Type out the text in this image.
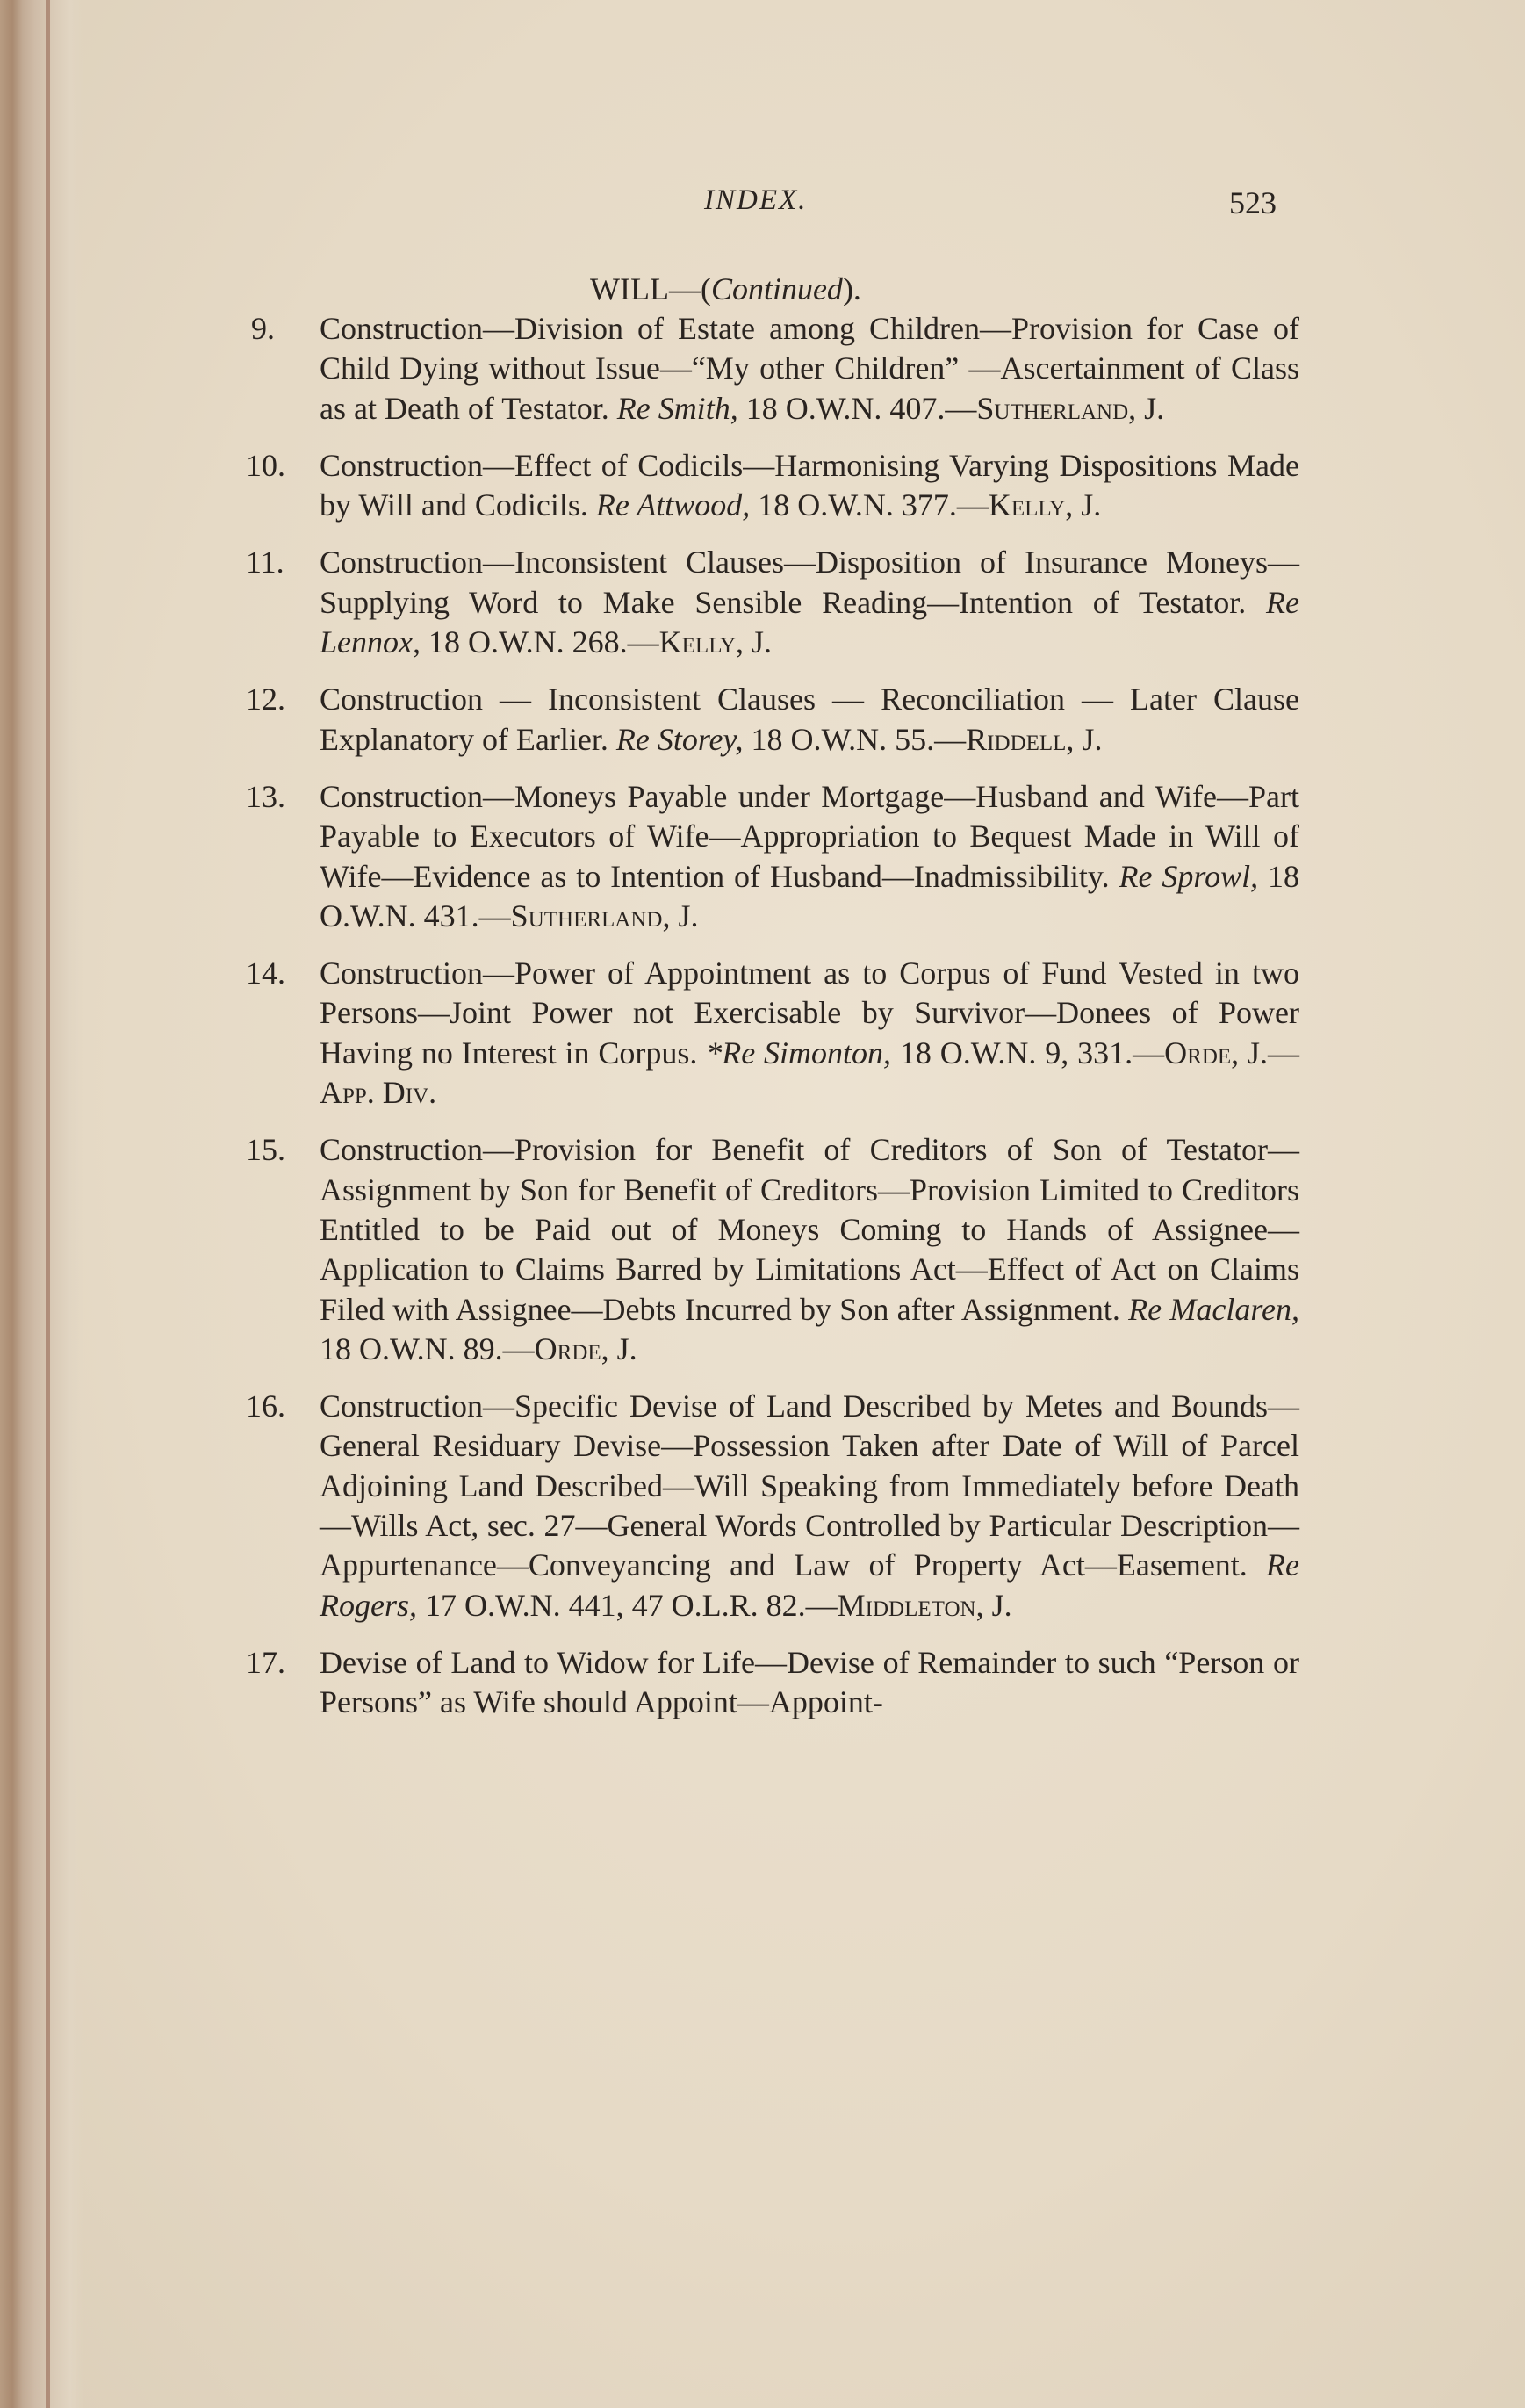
INDEX.	523
WILL—(Continued).
9. Construction—Division of Estate among Children—Provision for Case of Child Dying without Issue—“My other Children” —Ascertainment of Class as at Death of Testator. Re Smith, 18 O.W.N. 407.—Sutherland, J.
10. Construction—Effect of Codicils—Harmonising Varying Dispositions Made by Will and Codicils. Re Attwood, 18 O.W.N. 377.—Kelly, J.
11. Construction—Inconsistent Clauses—Disposition of Insurance Moneys—Supplying Word to Make Sensible Reading—Intention of Testator. Re Lennox, 18 O.W.N. 268.—Kelly, J.
12. Construction — Inconsistent Clauses — Reconciliation — Later Clause Explanatory of Earlier. Re Storey, 18 O.W.N. 55.—Riddell, J.
13. Construction—Moneys Payable under Mortgage—Husband and Wife—Part Payable to Executors of Wife—Appropriation to Bequest Made in Will of Wife—Evidence as to Intention of Husband—Inadmissibility. Re Sprowl, 18 O.W.N. 431.—Sutherland, J.
14. Construction—Power of Appointment as to Corpus of Fund Vested in two Persons—Joint Power not Exercisable by Survivor—Donees of Power Having no Interest in Corpus. *Re Simonton, 18 O.W.N. 9, 331.—Orde, J.—App. Div.
15. Construction—Provision for Benefit of Creditors of Son of Testator—Assignment by Son for Benefit of Creditors—Provision Limited to Creditors Entitled to be Paid out of Moneys Coming to Hands of Assignee—Application to Claims Barred by Limitations Act—Effect of Act on Claims Filed with Assignee—Debts Incurred by Son after Assignment. Re Maclaren, 18 O.W.N. 89.—Orde, J.
16. Construction—Specific Devise of Land Described by Metes and Bounds—General Residuary Devise—Possession Taken after Date of Will of Parcel Adjoining Land Described—Will Speaking from Immediately before Death—Wills Act, sec. 27—General Words Controlled by Particular Description—Appurtenance—Conveyancing and Law of Property Act—Easement. Re Rogers, 17 O.W.N. 441, 47 O.L.R. 82.—Middleton, J.
17. Devise of Land to Widow for Life—Devise of Remainder to such “Person or Persons” as Wife should Appoint—Appoint-
